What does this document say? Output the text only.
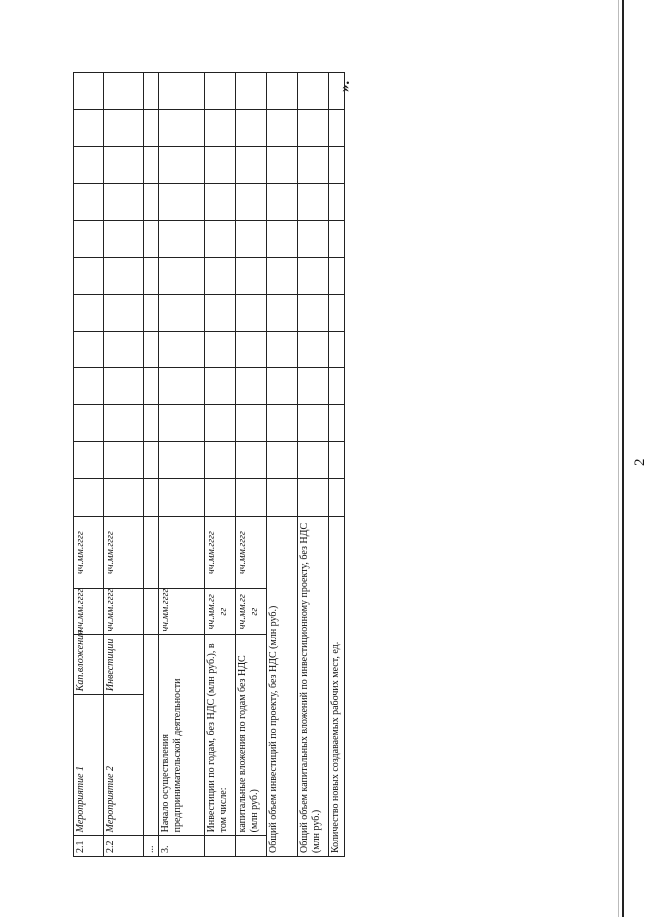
2
».
2.1	Мероприятие 1	Кап.вложения	чч.мм.гггг	чч.мм.гггг												
2.2	Мероприятие 2	Инвестиции	чч.мм.гггг	чч.мм.гггг												
...																
3.	Начало осуществления предпринимательской деятельности		чч.мм.гггг													
	Инвестиции по годам, без НДС (млн руб.), в том числе:		чч.мм.гг гг	чч.мм.гггг												
	капитальные вложения по годам без НДС (млн руб.)		чч.мм.гг гг	чч.мм.гггг												
Общий объем инвестиций по проекту, без НДС (млн руб.)																
Общий объем капитальных вложений по инвестиционному проекту, без НДС (млн руб.)																
Количество новых создаваемых рабочих мест, ед.																
